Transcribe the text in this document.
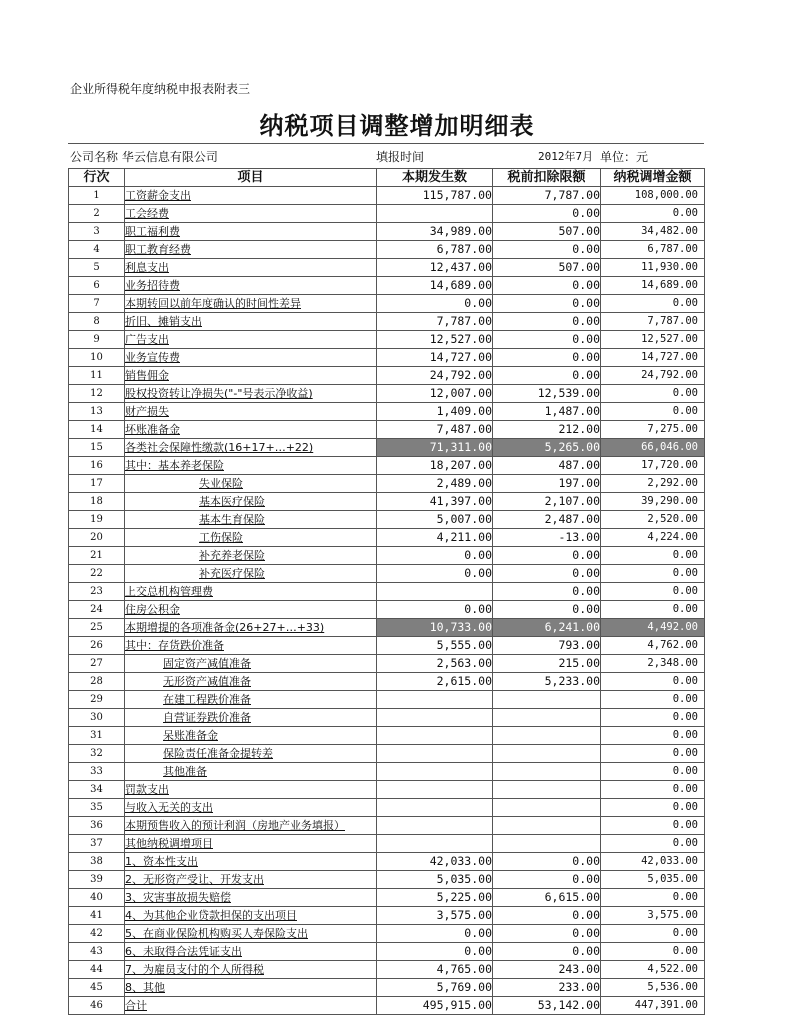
企业所得税年度纳税申报表附表三
纳税项目调整增加明细表
公司名称 华云信息有限公司	填报时间	2012年7月 单位：元
行次	项目	本期发生数	税前扣除限额	纳税调增金额
1	工资薪金支出	115,787.00	7,787.00	108,000.00
2	工会经费		0.00	0.00
3	职工福利费	34,989.00	507.00	34,482.00
4	职工教育经费	6,787.00	0.00	6,787.00
5	利息支出	12,437.00	507.00	11,930.00
6	业务招待费	14,689.00	0.00	14,689.00
7	本期转回以前年度确认的时间性差异	0.00	0.00	0.00
8	折旧、摊销支出	7,787.00	0.00	7,787.00
9	广告支出	12,527.00	0.00	12,527.00
10	业务宣传费	14,727.00	0.00	14,727.00
11	销售佣金	24,792.00	0.00	24,792.00
12	股权投资转让净损失("-"号表示净收益)	12,007.00	12,539.00	0.00
13	财产损失	1,409.00	1,487.00	0.00
14	坏账准备金	7,487.00	212.00	7,275.00
15	各类社会保障性缴款(16+17+…+22)	71,311.00	5,265.00	66,046.00
16	其中：基本养老保险	18,207.00	487.00	17,720.00
17	失业保险	2,489.00	197.00	2,292.00
18	基本医疗保险	41,397.00	2,107.00	39,290.00
19	基本生育保险	5,007.00	2,487.00	2,520.00
20	工伤保险	4,211.00	-13.00	4,224.00
21	补充养老保险	0.00	0.00	0.00
22	补充医疗保险	0.00	0.00	0.00
23	上交总机构管理费		0.00	0.00
24	住房公积金	0.00	0.00	0.00
25	本期增提的各项准备金(26+27+…+33)	10,733.00	6,241.00	4,492.00
26	其中：存货跌价准备	5,555.00	793.00	4,762.00
27	固定资产减值准备	2,563.00	215.00	2,348.00
28	无形资产减值准备	2,615.00	5,233.00	0.00
29	在建工程跌价准备			0.00
30	自营证券跌价准备			0.00
31	呆账准备金			0.00
32	保险责任准备金提转差			0.00
33	其他准备			0.00
34	罚款支出			0.00
35	与收入无关的支出			0.00
36	本期预售收入的预计利润（房地产业务填报）			0.00
37	其他纳税调增项目			0.00
38	1、资本性支出	42,033.00	0.00	42,033.00
39	2、无形资产受让、开发支出	5,035.00	0.00	5,035.00
40	3、灾害事故损失赔偿	5,225.00	6,615.00	0.00
41	4、为其他企业贷款担保的支出项目	3,575.00	0.00	3,575.00
42	5、在商业保险机构购买人寿保险支出	0.00	0.00	0.00
43	6、未取得合法凭证支出	0.00	0.00	0.00
44	7、为雇员支付的个人所得税	4,765.00	243.00	4,522.00
45	8、其他	5,769.00	233.00	5,536.00
46	合计	495,915.00	53,142.00	447,391.00
